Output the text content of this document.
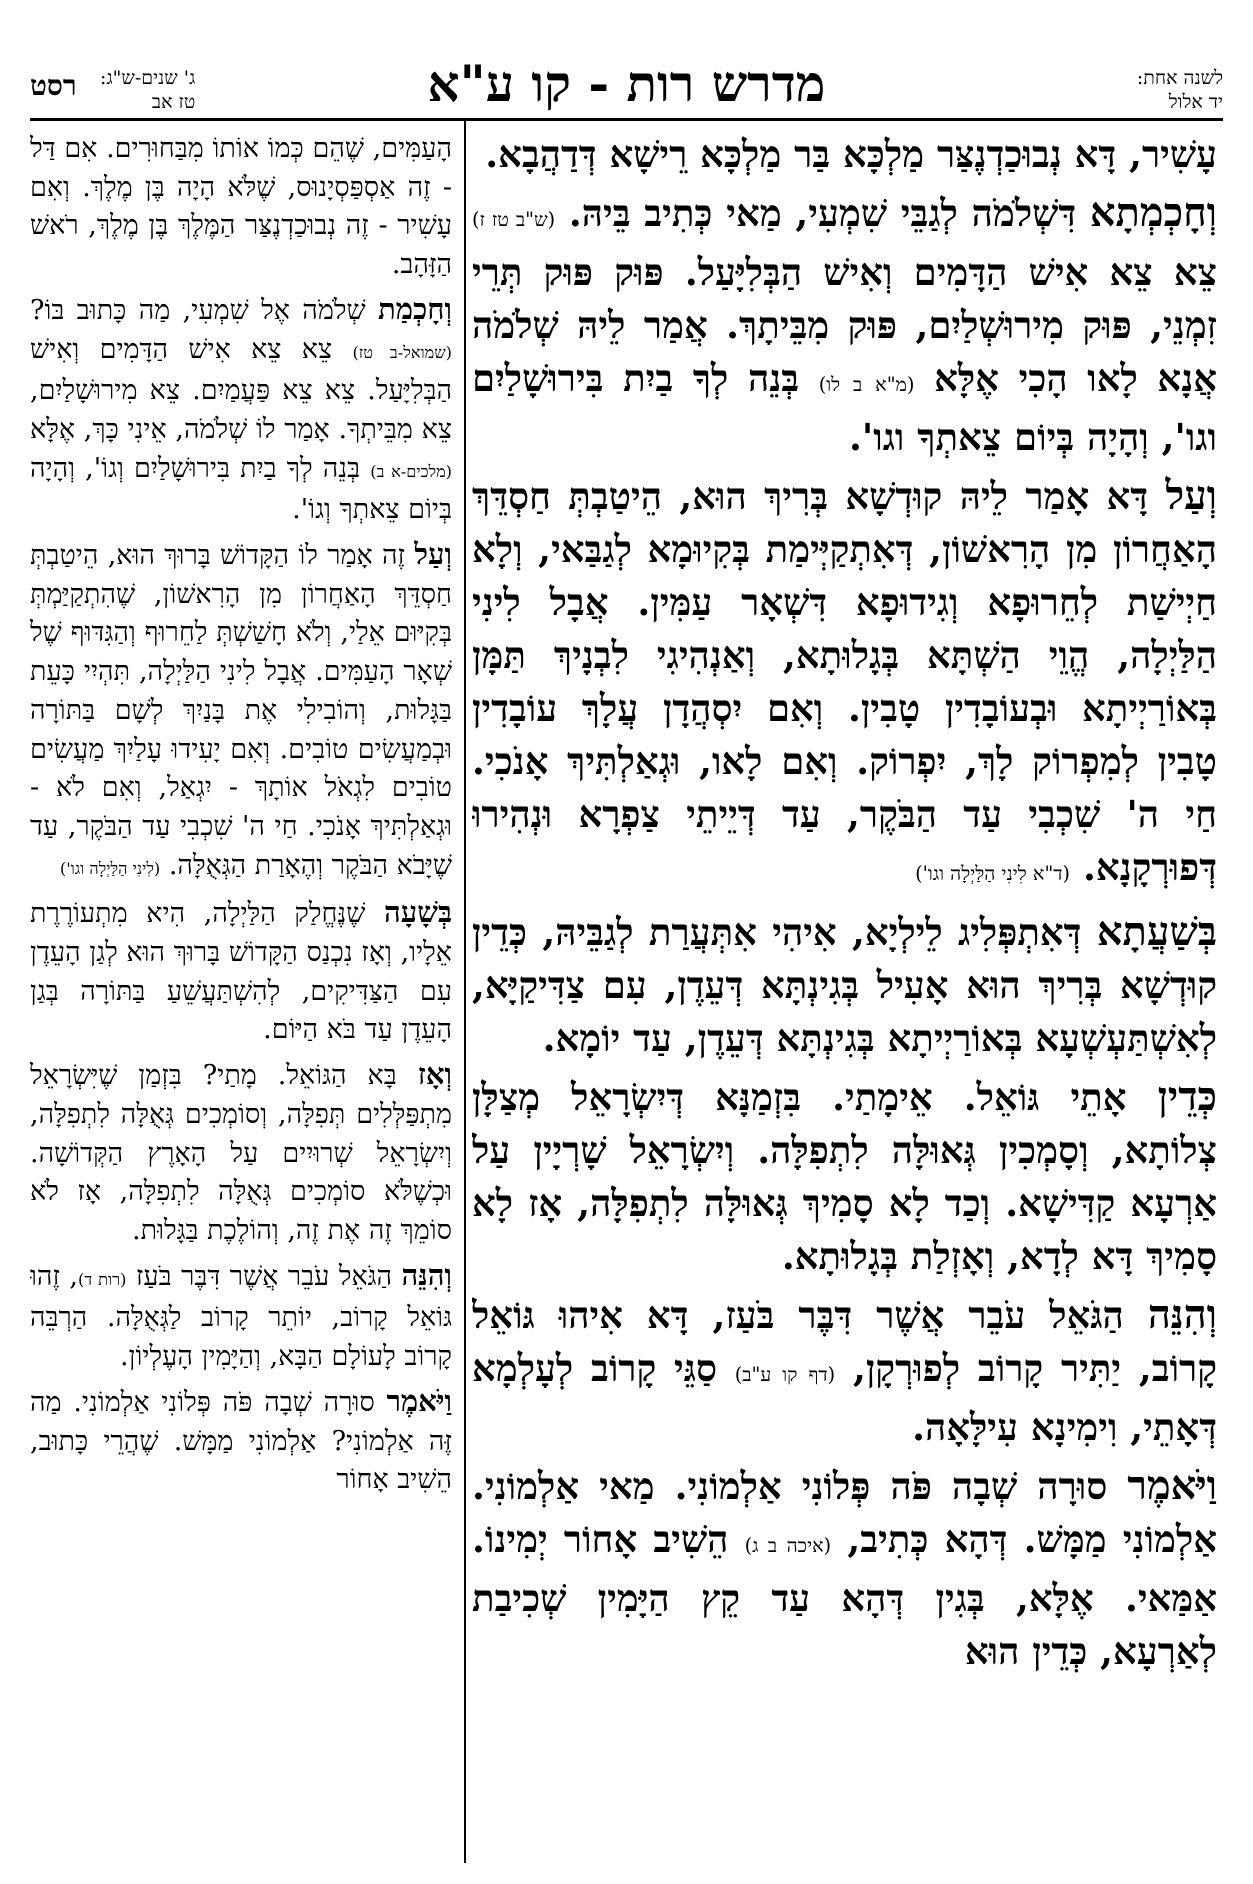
לשנה אחת:
יד אלול
מדרש רות - קו ע"א
ג' שנים-ש"ג:
טז אב
רסט

עָשִׁיר, דָּא נְבוּכַדְנֶצַּר מַלְכָּא בַּר מַלְכָּא רֵישָׁא דְּדַהֲבָא.

וְחָכְמְתָא דִּשְׁלֹמֹה לְגַבֵּי שִׁמְעִי, מַאי כְּתִיב בֵּיהּ. (ש"ב טז ז) צֵא צֵא אִישׁ הַדָּמִים וְאִישׁ הַבְּלִיָּעַל. פּוּק פּוּק תְּרֵי זִמְנֵי, פּוּק מִירוּשְׁלַיִם, פּוּק מִבֵּיתָךְ. אֲמַר לֵיהּ שְׁלֹמֹה אֲנָא לָאו הָכִי אֶלָּא (מ"א ב לו) בְּנֵה לְךָ בַיִת בִּירוּשָׁלַיִם וגו', וְהָיָה בְּיוֹם צֵאתְךָ וגו'.

וְעַל דָּא אָמַר לֵיהּ קוּדְשָׁא בְּרִיךְ הוּא, הֵיטַבְתְּ חַסְדֵּךְ הָאַחֲרוֹן מִן הָרִאשׁוֹן, דְּאִתְקַיְּימַת בְּקִיוּמָא לְגַבַּאי, וְלָא חַיְישַׁת לְחֵרוּפָא וְגִידוּפָא דִּשְׁאָר עַמִּין. אֲבָל לִינִי הַלַּיְלָה, הֱוֵי הַשְׁתָּא בְּגָלוּתָא, וְאַנְהִיגִי לִבְנָיךְ תַּמָּן בְּאוֹרַיְיתָא וּבְעוֹבָדִין טָבִין. וְאִם יִסְהֲדָן עֲלָךְ עוֹבָדִין טָבִין לְמִפְרוֹק לָךְ, יִפְרוֹק. וְאִם לָאו, וּגְאַלְתִּיךְ אָנֹכִי. חַי ה' שִׁכְבִי עַד הַבֹּקֶר, עַד דְּיֵיתֵי צַפְרָא וּנְהִירוּ דְּפוּרְקָנָא. (ד"א לִינִי הַלַּיְלָה וגו')

בְּשַׁעֲתָא דְּאִתְפְּלִיג לֵילְיָא, אִיהִי אִתְּעֲרַת לְגַבֵּיהּ, כְּדֵין קוּדְשָׁא בְּרִיךְ הוּא אָעִיל בְּגִינְתָּא דְּעֵדֶן, עִם צַדִּיקַיָּא, לְאִשְׁתַּעְשְׁעָא בְּאוֹרַיְיתָא בְּגִינְתָּא דְּעֵדֶן, עַד יוֹמָא.

כְּדֵין אָתֵי גּוֹאֵל. אֵימָתַי. בִּזְמַנָּא דְּיִשְׂרָאֵל מְצַלָּן צְלוֹתָא, וְסָמְכִין גְּאוּלָּה לִתְפִלָּה. וְיִשְׂרָאֵל שָׁרְיָין עַל אַרְעָא קַדִּישָׁא. וְכַד לָא סָמִיךְ גְּאוּלָּה לִתְפִלָּה, אָז לָא סָמִיךְ דָּא לְדָא, וְאָזְלַת בְּגָלוּתָא.

וְהִנֵּה הַגֹּאֵל עֹבֵר אֲשֶׁר דִּבֶּר בֹּעַז, דָּא אִיהוּ גּוֹאֵל קָרוֹב, יַתִּיר קָרוֹב לְפוּרְקָן, (דף קו ע"ב) סַגֵּי קָרוֹב לְעָלְמָא דְּאָתֵי, וִימִינָא עִילָּאָה.

וַיֹּאמֶר סוּרָה שְׁבָה פֹּה פְּלוֹנִי אַלְמוֹנִי. מַאי אַלְמוֹנִי. אַלְמוֹנִי מַמָּשׁ. דְּהָא כְּתִיב, (איכה ב ג) הֵשִׁיב אָחוֹר יְמִינוֹ. אַמַּאי. אֶלָּא, בְּגִין דְּהָא עַד קֵץ הַיָּמִין שְׁכִיבַת לְאַרְעָא, כְּדֵין הוּא

הָעַמִּים, שֶׁהֵם כְּמוֹ אוֹתוֹ מִבַּחוּרִים. אִם דַּל - זֶה אַסְפַּסְיָנוּס, שֶׁלֹּא הָיָה בֶּן מֶלֶךְ. וְאִם עָשִׁיר - זֶה נְבוּכַדְנֶצַּר הַמֶּלֶךְ בֶּן מֶלֶךְ, רֹאשׁ הַזָּהָב.

וְחָכְמַת שְׁלֹמֹה אֶל שִׁמְעִי, מַה כָּתוּב בּוֹ? (שמואל-ב טז) צֵא צֵא אִישׁ הַדָּמִים וְאִישׁ הַבְּלִיָּעַל. צֵא צֵא פַּעֲמַיִם. צֵא מִירוּשָׁלַיִם, צֵא מִבֵּיתְךָ. אָמַר לוֹ שְׁלֹמֹה, אֵינִי כָּךְ, אֶלָּא (מלכים-א ב) בְּנֵה לְךָ בַיִת בִּירוּשָׁלַיִם וְגוֹ', וְהָיָה בְּיוֹם צֵאתְךָ וְגוֹ'.

וְעַל זֶה אָמַר לוֹ הַקָּדוֹשׁ בָּרוּךְ הוּא, הֵיטַבְתְּ חַסְדֵּךְ הָאַחֲרוֹן מִן הָרִאשׁוֹן, שֶׁהִתְקַיַּמְתְּ בְּקִיּוּם אֵלַי, וְלֹא חָשַׁשְׁתְּ לַחֵרוּף וְהַגִּדּוּף שֶׁל שְׁאָר הָעַמִּים. אֲבָל לִינִי הַלַּיְלָה, תִּהְיִי כָּעֵת בַּגָּלוּת, וְהוֹבִילִי אֶת בָּנַיִךְ לְשָׁם בַּתּוֹרָה וּבְמַעֲשִׂים טוֹבִים. וְאִם יָעִידוּ עָלַיִךְ מַעֲשִׂים טוֹבִים לִגְאֹל אוֹתָךְ - יִגְאַל, וְאִם לֹא - וּגְאַלְתִּיךְ אָנֹכִי. חַי ה' שִׁכְבִי עַד הַבֹּקֶר, עַד שֶׁיָּבֹא הַבֹּקֶר וְהֶאָרַת הַגְּאֻלָּה. (לִינִי הַלַּיְלָה וגו')

בְּשָׁעָה שֶׁנֶּחֱלַק הַלַּיְלָה, הִיא מִתְעוֹרֶרֶת אֵלָיו, וְאָז נִכְנַס הַקָּדוֹשׁ בָּרוּךְ הוּא לְגַן הָעֵדֶן עִם הַצַּדִּיקִים, לְהִשְׁתַּעֲשֵׁעַ בַּתּוֹרָה בְּגַן הָעֵדֶן עַד בֹּא הַיּוֹם.

וְאָז בָּא הַגּוֹאֵל. מָתַי? בִּזְמַן שֶׁיִּשְׂרָאֵל מִתְפַּלְּלִים תְּפִלָּה, וְסוֹמְכִים גְּאֻלָּה לִתְפִלָּה, וְיִשְׂרָאֵל שְׁרוּיִים עַל הָאָרֶץ הַקְּדוֹשָׁה. וּכְשֶׁלֹּא סוֹמְכִים גְּאֻלָּה לִתְפִלָּה, אָז לֹא סוֹמֵךְ זֶה אֶת זֶה, וְהוֹלֶכֶת בַּגָּלוּת.

וְהִנֵּה הַגֹּאֵל עֹבֵר אֲשֶׁר דִּבֶּר בֹּעַז (רות ד), זֶהוּ גּוֹאֵל קָרוֹב, יוֹתֵר קָרוֹב לַגְּאֻלָּה. הַרְבֵּה קָרוֹב לָעוֹלָם הַבָּא, וְהַיָּמִין הָעֶלְיוֹן.

וַיֹּאמֶר סוּרָה שְׁבָה פֹּה פְּלוֹנִי אַלְמוֹנִי. מַה זֶּה אַלְמוֹנִי? אַלְמוֹנִי מַמָּשׁ. שֶׁהֲרֵי כָּתוּב, הֵשִׁיב אָחוֹר
